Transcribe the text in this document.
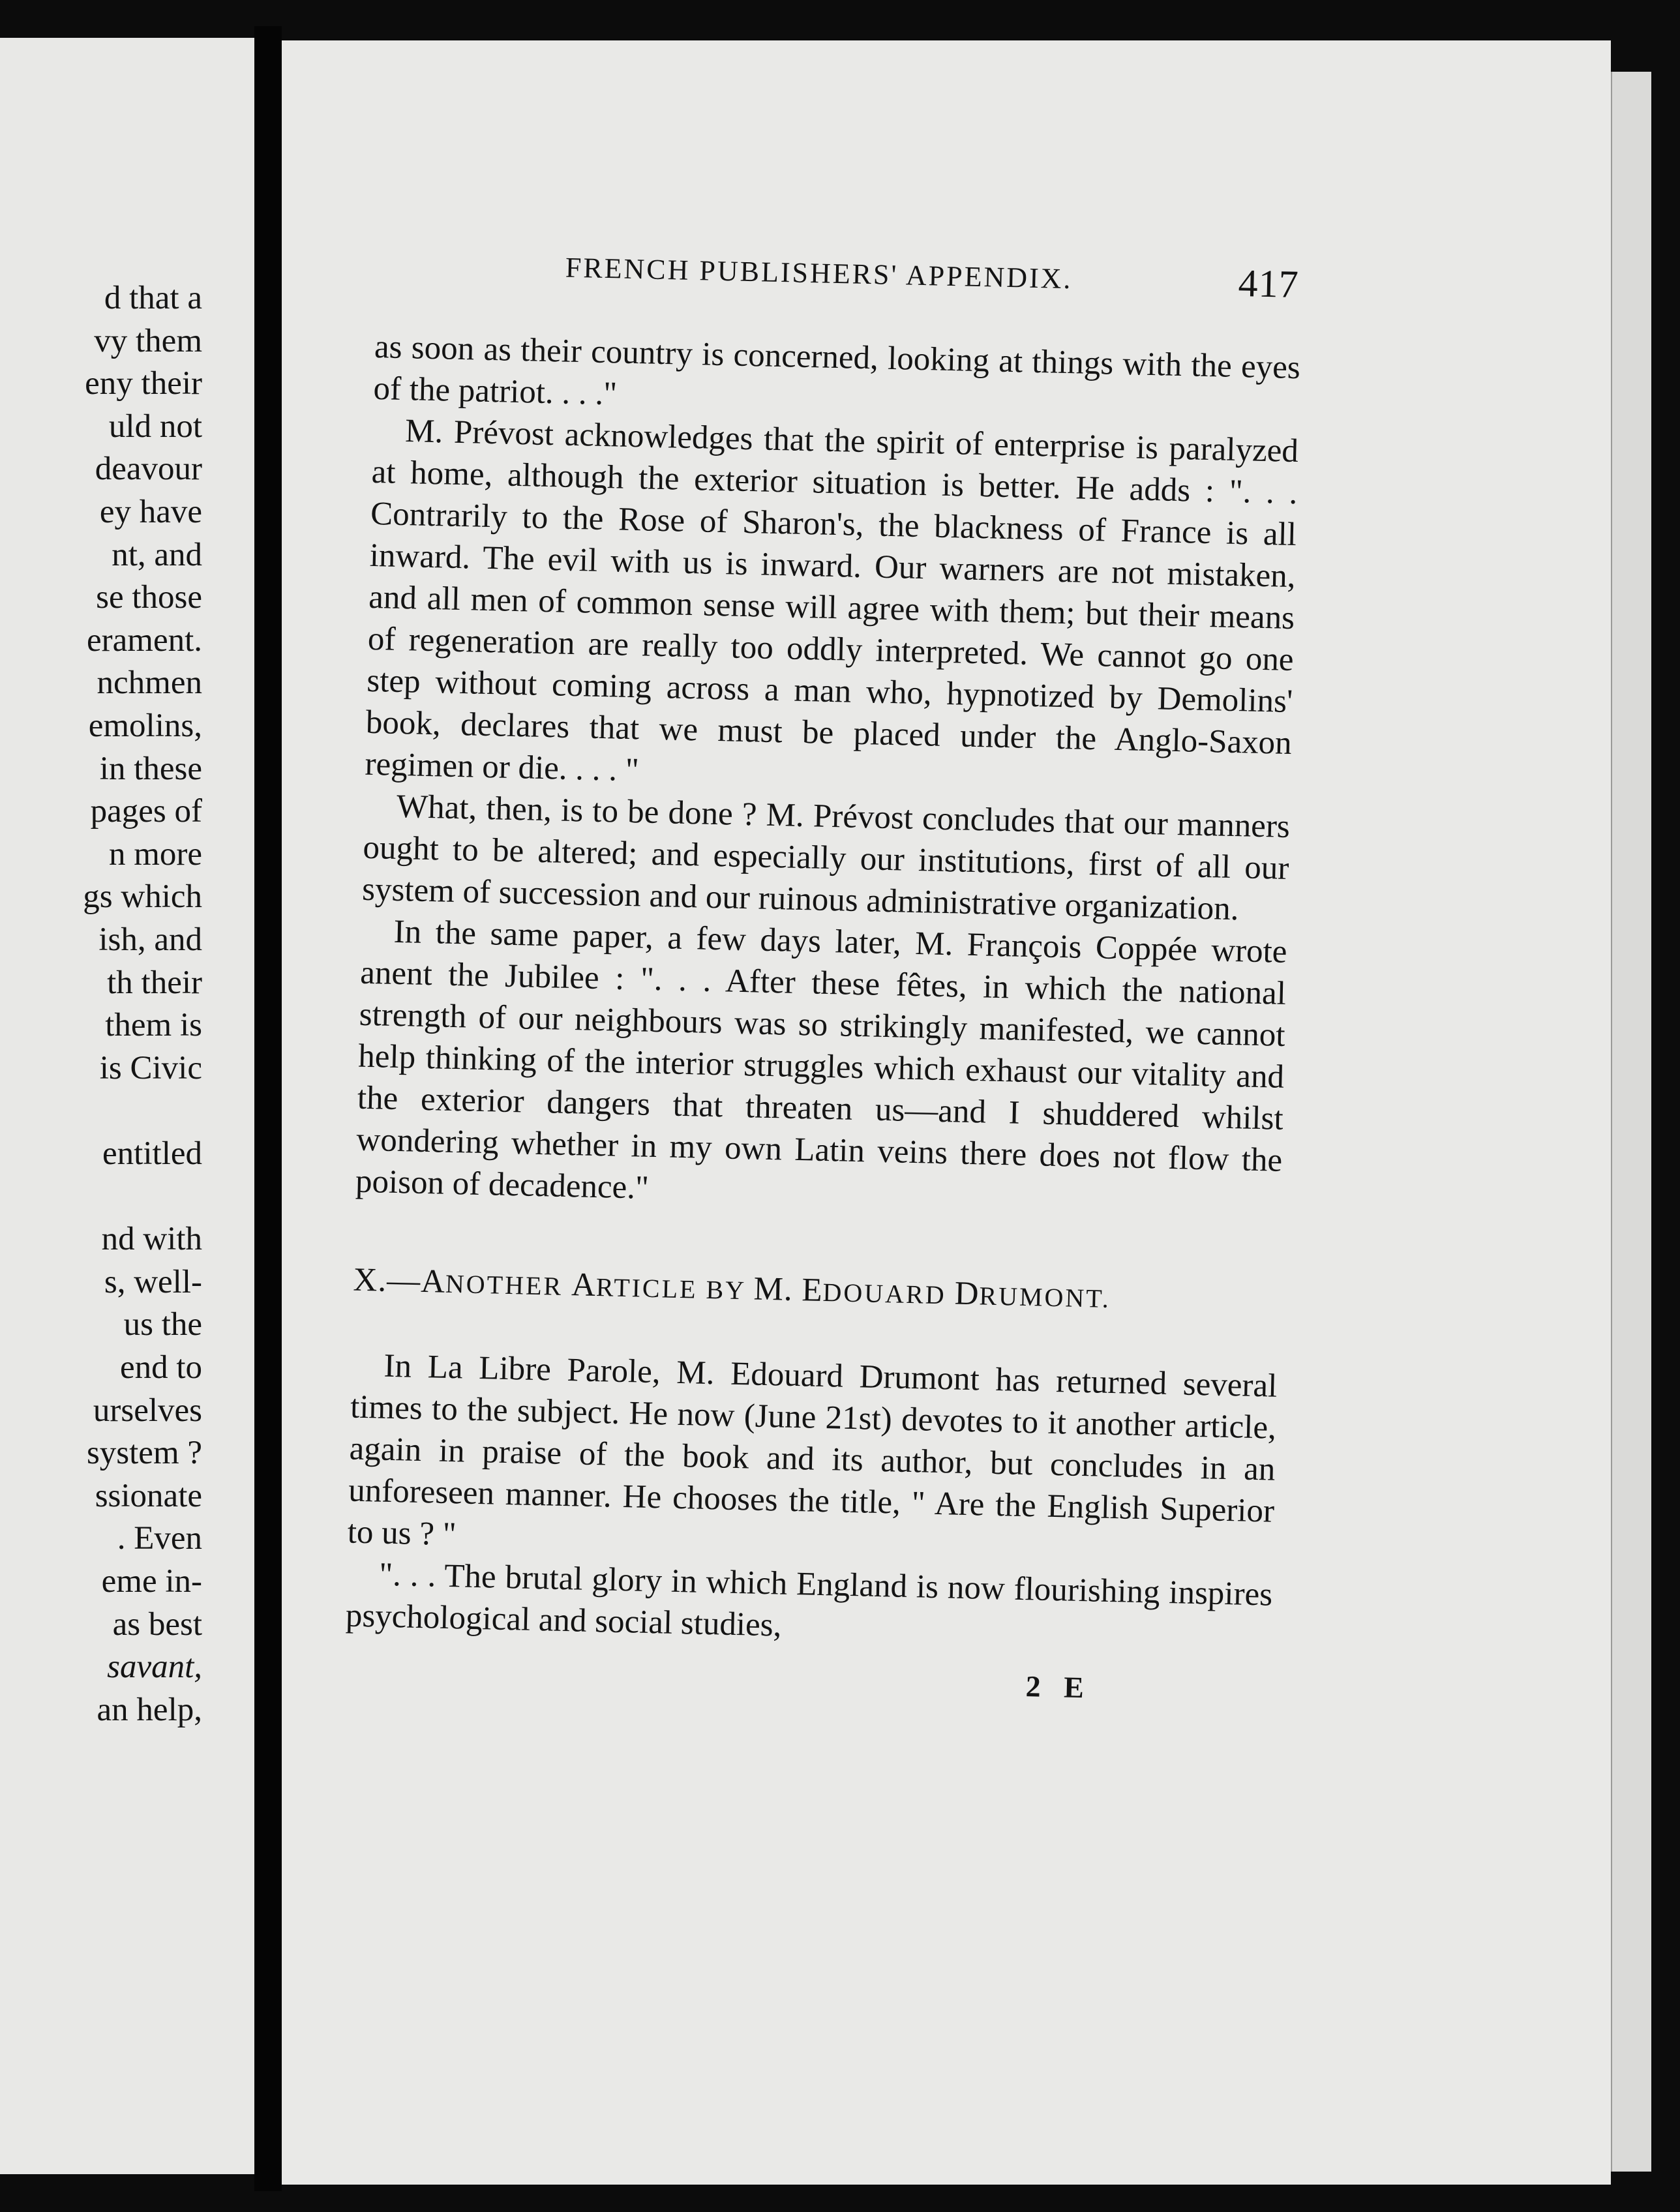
d that a
vy them
eny their
uld not
deavour
ey have
nt, and
se those
erament.
nchmen
emolins,
in these
pages of
n more
gs which
ish, and
th their
them is
is Civic
entitled
nd with
s, well-
us the
end to
urselves
system ?
ssionate
. Even
eme in-
as best
savant,
an help,
FRENCH PUBLISHERS' APPENDIX.	417

as soon as their country is concerned, looking at things with the eyes of the patriot. . . ."

M. Prévost acknowledges that the spirit of enterprise is paralyzed at home, although the exterior situation is better. He adds : ". . . Contrarily to the Rose of Sharon's, the blackness of France is all inward. The evil with us is inward. Our warners are not mistaken, and all men of common sense will agree with them; but their means of regeneration are really too oddly interpreted. We cannot go one step without coming across a man who, hypnotized by Demolins' book, declares that we must be placed under the Anglo-Saxon regimen or die. . . . "

What, then, is to be done ? M. Prévost concludes that our manners ought to be altered; and especially our institutions, first of all our system of succession and our ruinous administrative organization.

In the same paper, a few days later, M. François Coppée wrote anent the Jubilee : ". . . After these fêtes, in which the national strength of our neighbours was so strikingly manifested, we cannot help thinking of the interior struggles which exhaust our vitality and the exterior dangers that threaten us—and I shuddered whilst wondering whether in my own Latin veins there does not flow the poison of decadence."

X.—ANOTHER ARTICLE BY M. EDOUARD DRUMONT.

In La Libre Parole, M. Edouard Drumont has returned several times to the subject. He now (June 21st) devotes to it another article, again in praise of the book and its author, but concludes in an unforeseen manner. He chooses the title, " Are the English Superior to us ? "

". . . The brutal glory in which England is now flourishing inspires psychological and social studies,

2 E
